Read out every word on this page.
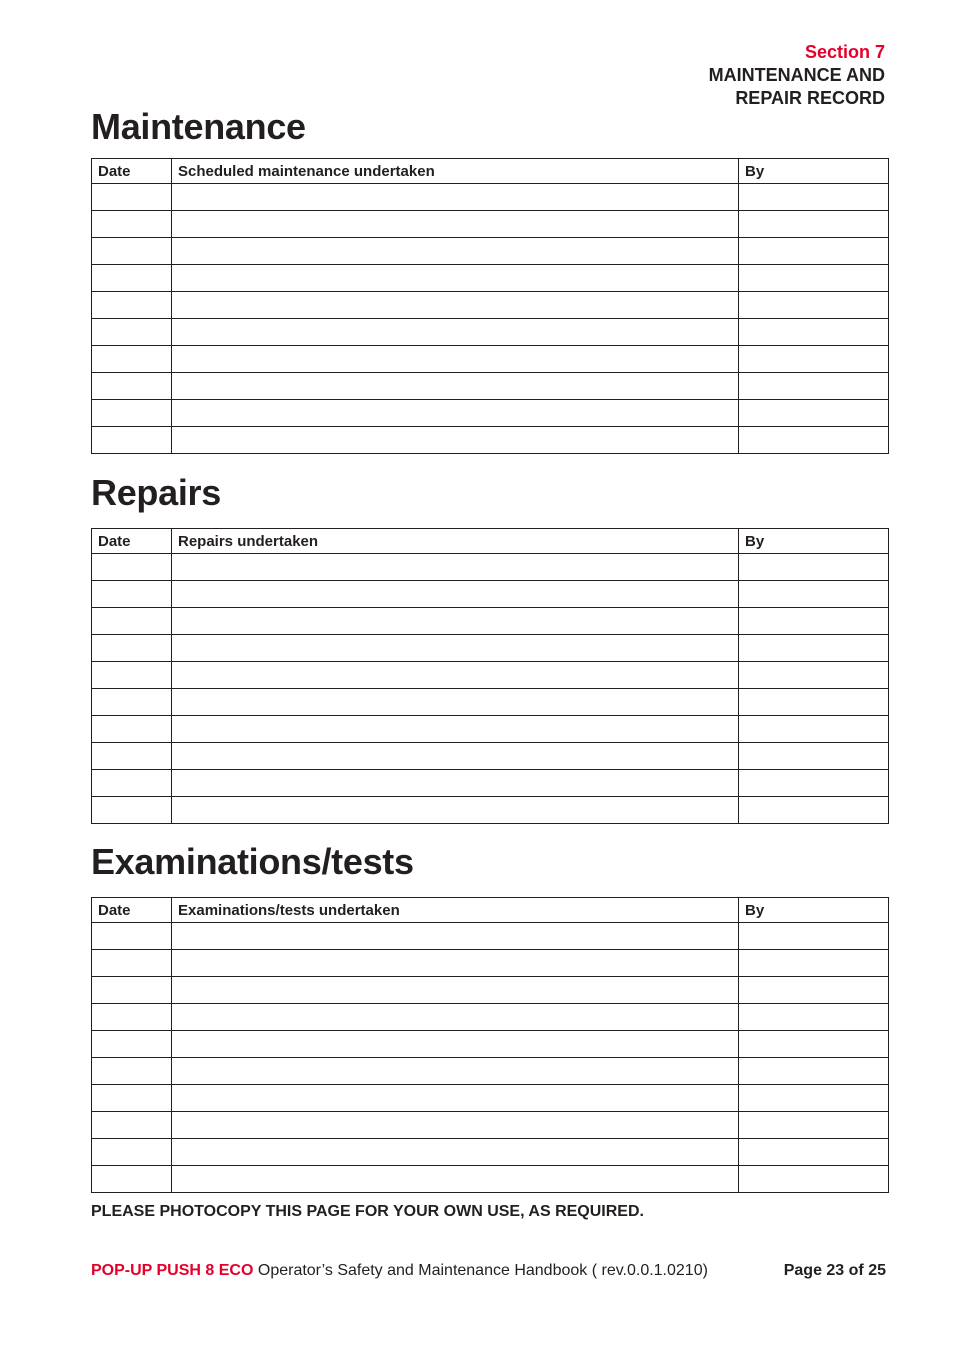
Section 7
MAINTENANCE AND
REPAIR RECORD
Maintenance
Date	Scheduled maintenance undertaken	By

Repairs
Date	Repairs undertaken	By

Examinations/tests
Date	Examinations/tests undertaken	By

PLEASE PHOTOCOPY THIS PAGE FOR YOUR OWN USE, AS REQUIRED.
POP-UP PUSH 8 ECO Operator’s Safety and Maintenance Handbook ( rev.0.0.1.0210)	Page 23 of 25
